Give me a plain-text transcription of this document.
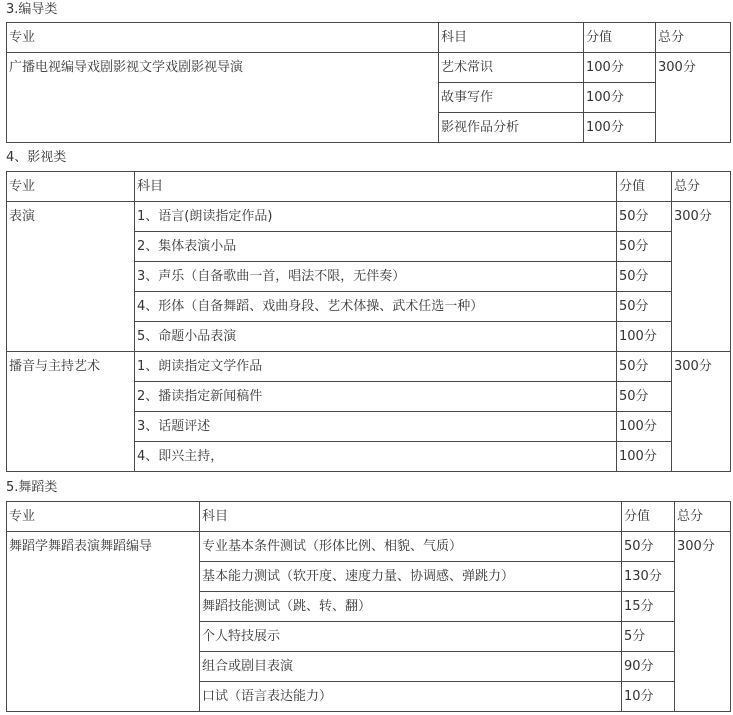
3.编导类
专业	科目	分值	总分
广播电视编导戏剧影视文学戏剧影视导演	艺术常识	100分	300分
	故事写作	100分	
	影视作品分析	100分	
4、影视类
专业	科目	分值	总分
表演	1、语言(朗读指定作品)	50分	300分
	2、集体表演小品	50分	
	3、声乐（自备歌曲一首，唱法不限，无伴奏）	50分	
	4、形体（自备舞蹈、戏曲身段、艺术体操、武术任选一种）	50分	
	5、命题小品表演	100分	
播音与主持艺术	1、朗读指定文学作品	50分	300分
	2、播读指定新闻稿件	50分	
	3、话题评述	100分	
	4、即兴主持，	100分	
5.舞蹈类
专业	科目	分值	总分
舞蹈学舞蹈表演舞蹈编导	专业基本条件测试（形体比例、相貌、气质）	50分	300分
	基本能力测试（软开度、速度力量、协调感、弹跳力）	130分	
	舞蹈技能测试（跳、转、翻）	15分	
	个人特技展示	5分	
	组合或剧目表演	90分	
	口试（语言表达能力）	10分	
